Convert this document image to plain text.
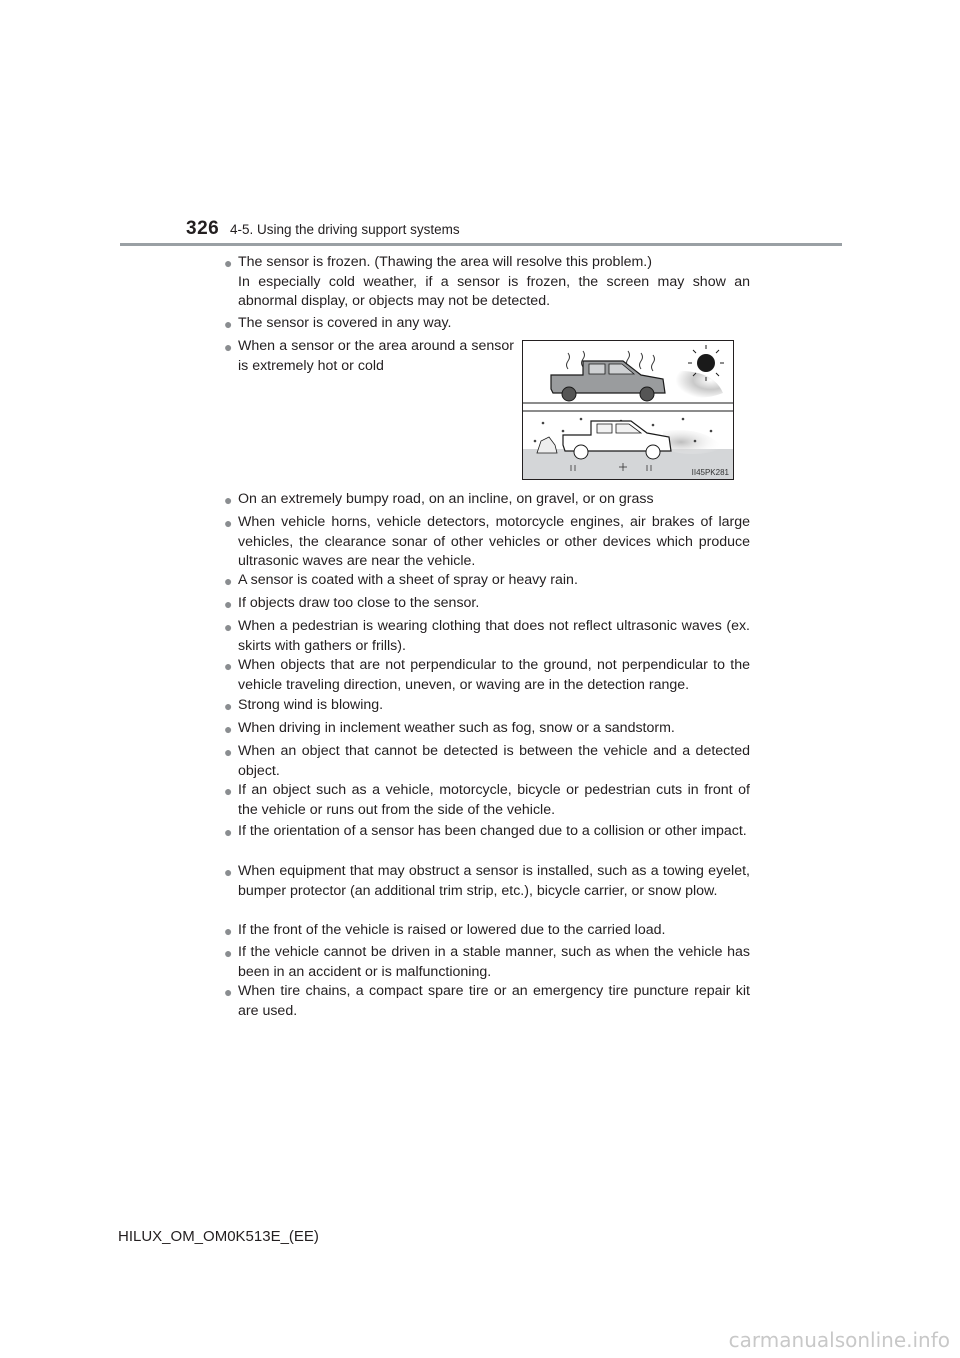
326 4-5. Using the driving support systems
● The sensor is frozen. (Thawing the area will resolve this problem.)
In especially cold weather, if a sensor is frozen, the screen may show an abnormal display, or objects may not be detected.
● The sensor is covered in any way.
● When a sensor or the area around a sensor is extremely hot or cold
II45PK281
● On an extremely bumpy road, on an incline, on gravel, or on grass
● When vehicle horns, vehicle detectors, motorcycle engines, air brakes of large vehicles, the clearance sonar of other vehicles or other devices which produce ultrasonic waves are near the vehicle.
● A sensor is coated with a sheet of spray or heavy rain.
● If objects draw too close to the sensor.
● When a pedestrian is wearing clothing that does not reflect ultrasonic waves (ex. skirts with gathers or frills).
● When objects that are not perpendicular to the ground, not perpendicular to the vehicle traveling direction, uneven, or waving are in the detection range.
● Strong wind is blowing.
● When driving in inclement weather such as fog, snow or a sandstorm.
● When an object that cannot be detected is between the vehicle and a detected object.
● If an object such as a vehicle, motorcycle, bicycle or pedestrian cuts in front of the vehicle or runs out from the side of the vehicle.
● If the orientation of a sensor has been changed due to a collision or other impact.
● When equipment that may obstruct a sensor is installed, such as a towing eyelet, bumper protector (an additional trim strip, etc.), bicycle carrier, or snow plow.
● If the front of the vehicle is raised or lowered due to the carried load.
● If the vehicle cannot be driven in a stable manner, such as when the vehicle has been in an accident or is malfunctioning.
● When tire chains, a compact spare tire or an emergency tire puncture repair kit are used.
HILUX_OM_OM0K513E_(EE)
carmanualsonline.info
